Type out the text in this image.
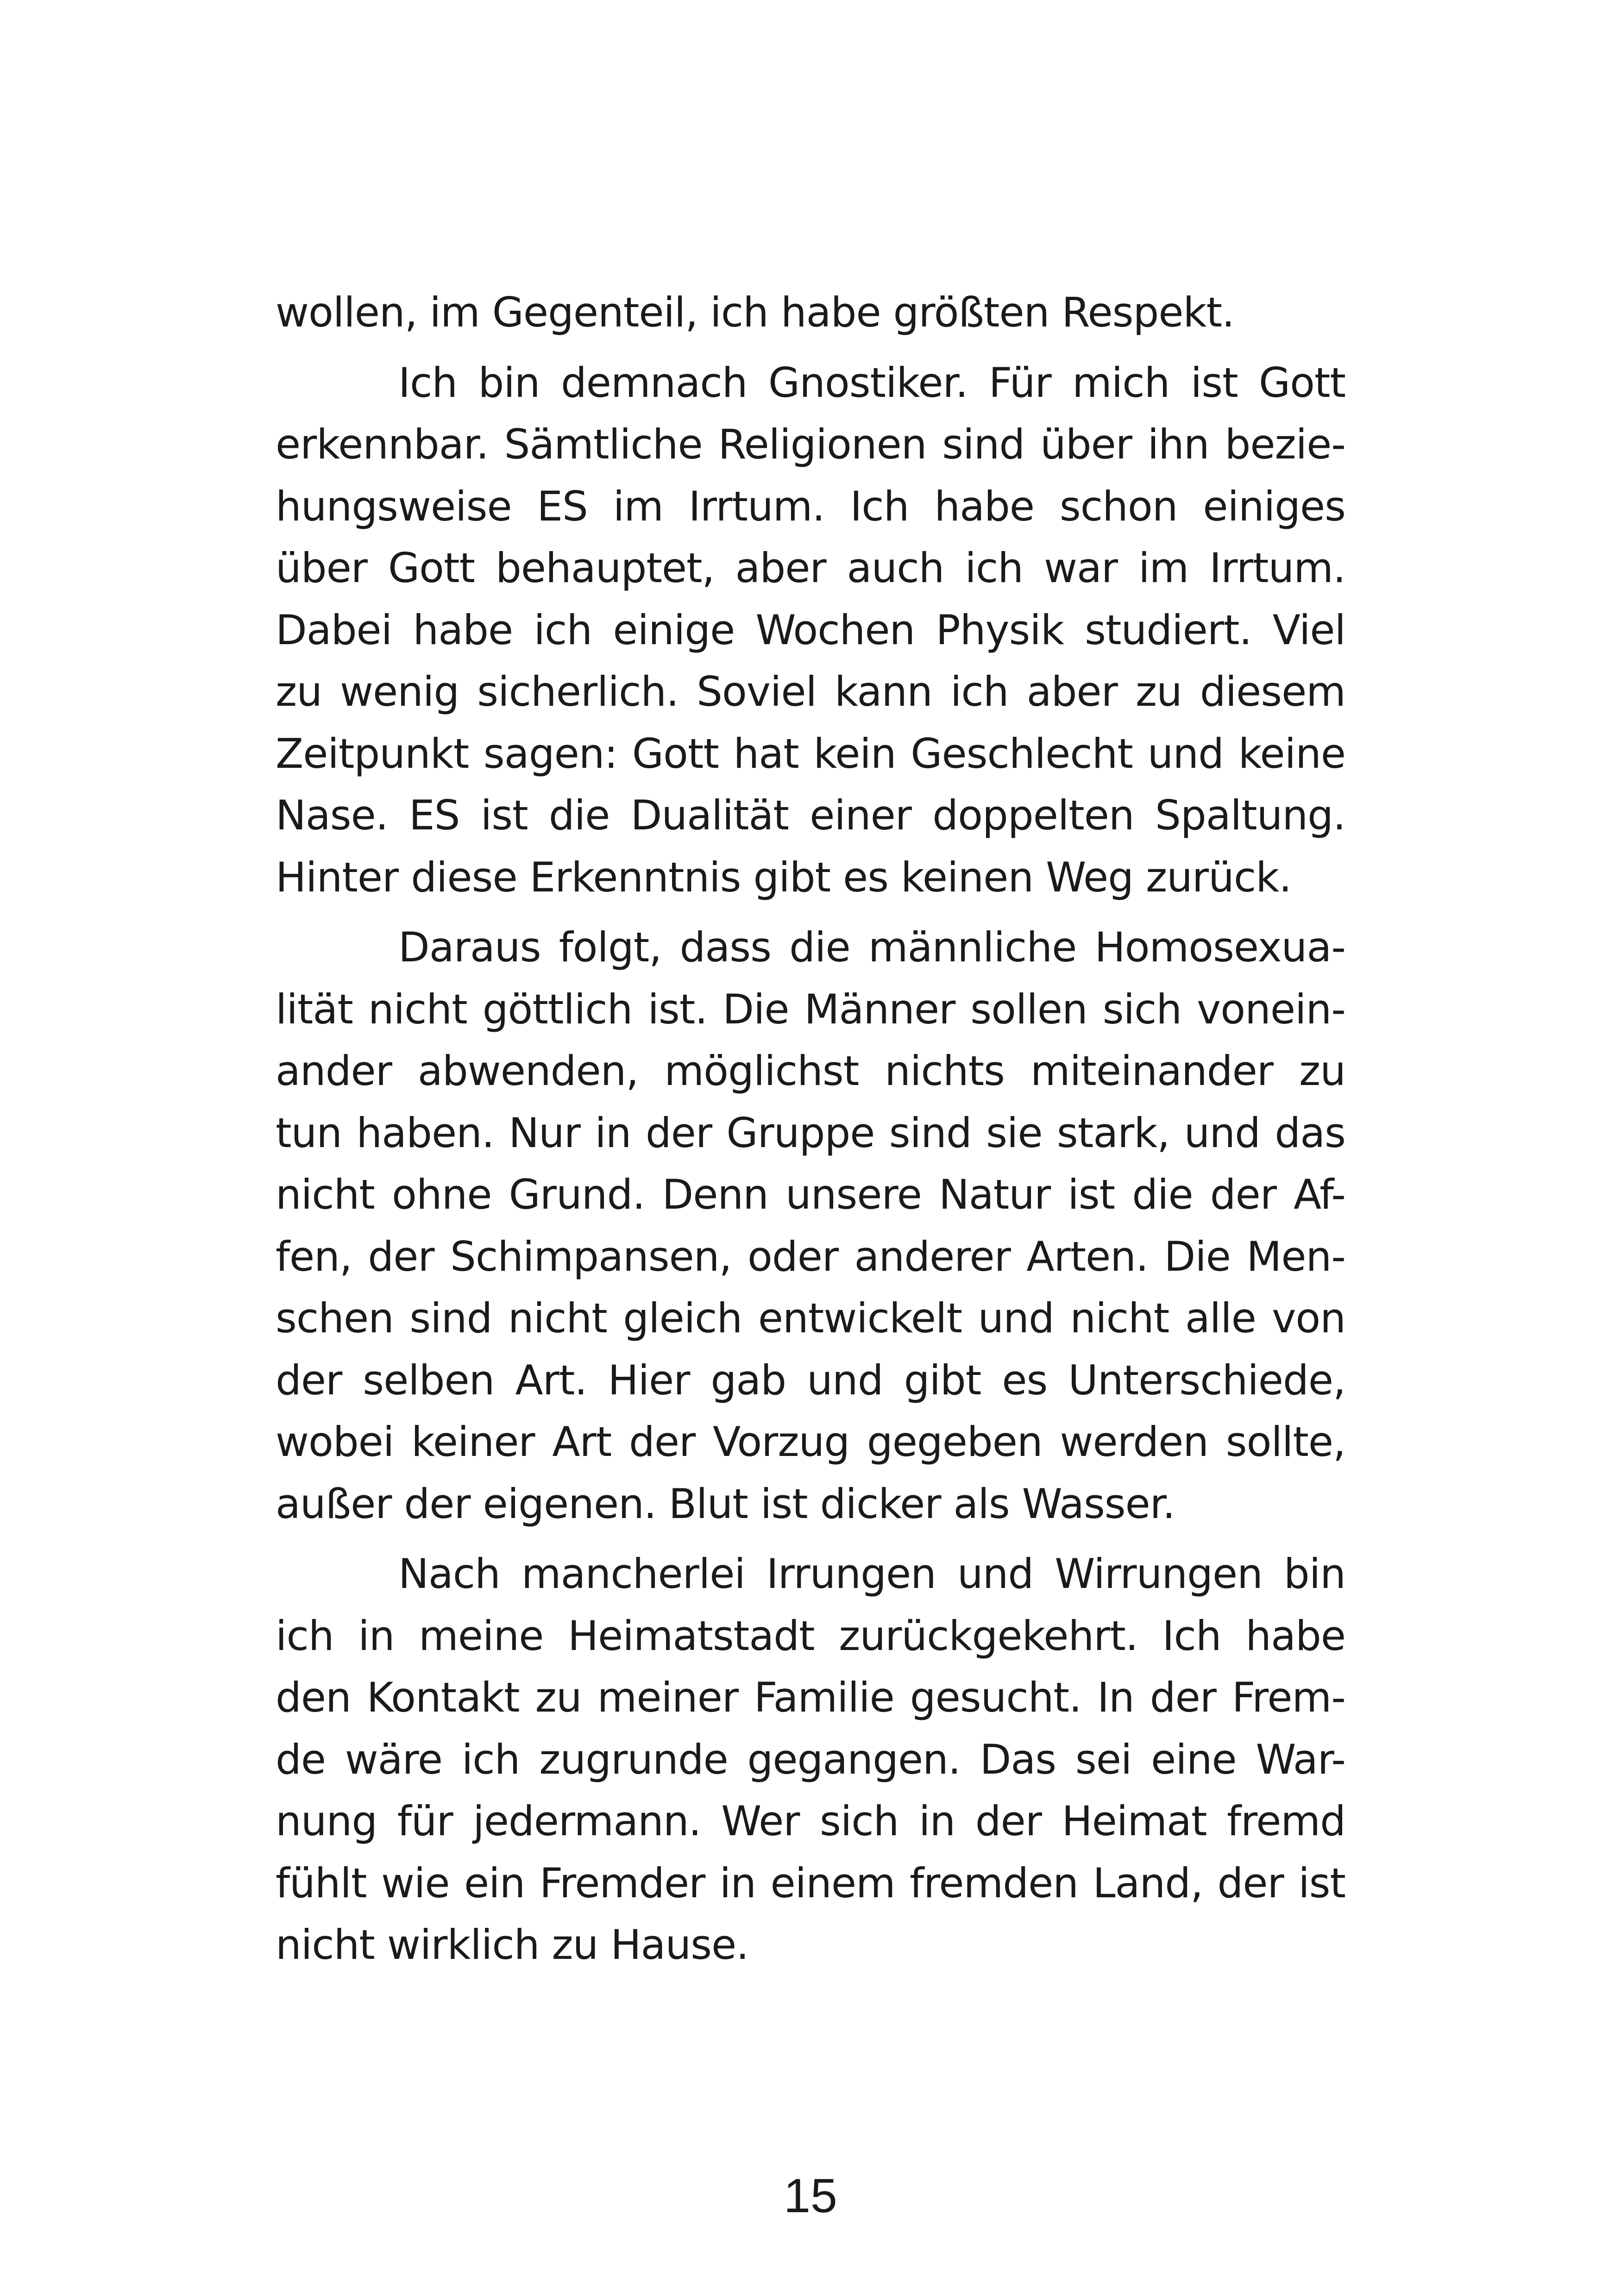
wollen, im Gegenteil, ich habe größten Respekt.
Ich bin demnach Gnostiker. Für mich ist Gott
erkennbar. Sämtliche Religionen sind über ihn bezie-
hungsweise ES im Irrtum. Ich habe schon einiges
über Gott behauptet, aber auch ich war im Irrtum.
Dabei habe ich einige Wochen Physik studiert. Viel
zu wenig sicherlich. Soviel kann ich aber zu diesem
Zeitpunkt sagen: Gott hat kein Geschlecht und keine
Nase. ES ist die Dualität einer doppelten Spaltung.
Hinter diese Erkenntnis gibt es keinen Weg zurück.
Daraus folgt, dass die männliche Homosexua-
lität nicht göttlich ist. Die Männer sollen sich vonein-
ander abwenden, möglichst nichts miteinander zu
tun haben. Nur in der Gruppe sind sie stark, und das
nicht ohne Grund. Denn unsere Natur ist die der Af-
fen, der Schimpansen, oder anderer Arten. Die Men-
schen sind nicht gleich entwickelt und nicht alle von
der selben Art. Hier gab und gibt es Unterschiede,
wobei keiner Art der Vorzug gegeben werden sollte,
außer der eigenen. Blut ist dicker als Wasser.
Nach mancherlei Irrungen und Wirrungen bin
ich in meine Heimatstadt zurückgekehrt. Ich habe
den Kontakt zu meiner Familie gesucht. In der Frem-
de wäre ich zugrunde gegangen. Das sei eine War-
nung für jedermann. Wer sich in der Heimat fremd
fühlt wie ein Fremder in einem fremden Land, der ist
nicht wirklich zu Hause.
15
